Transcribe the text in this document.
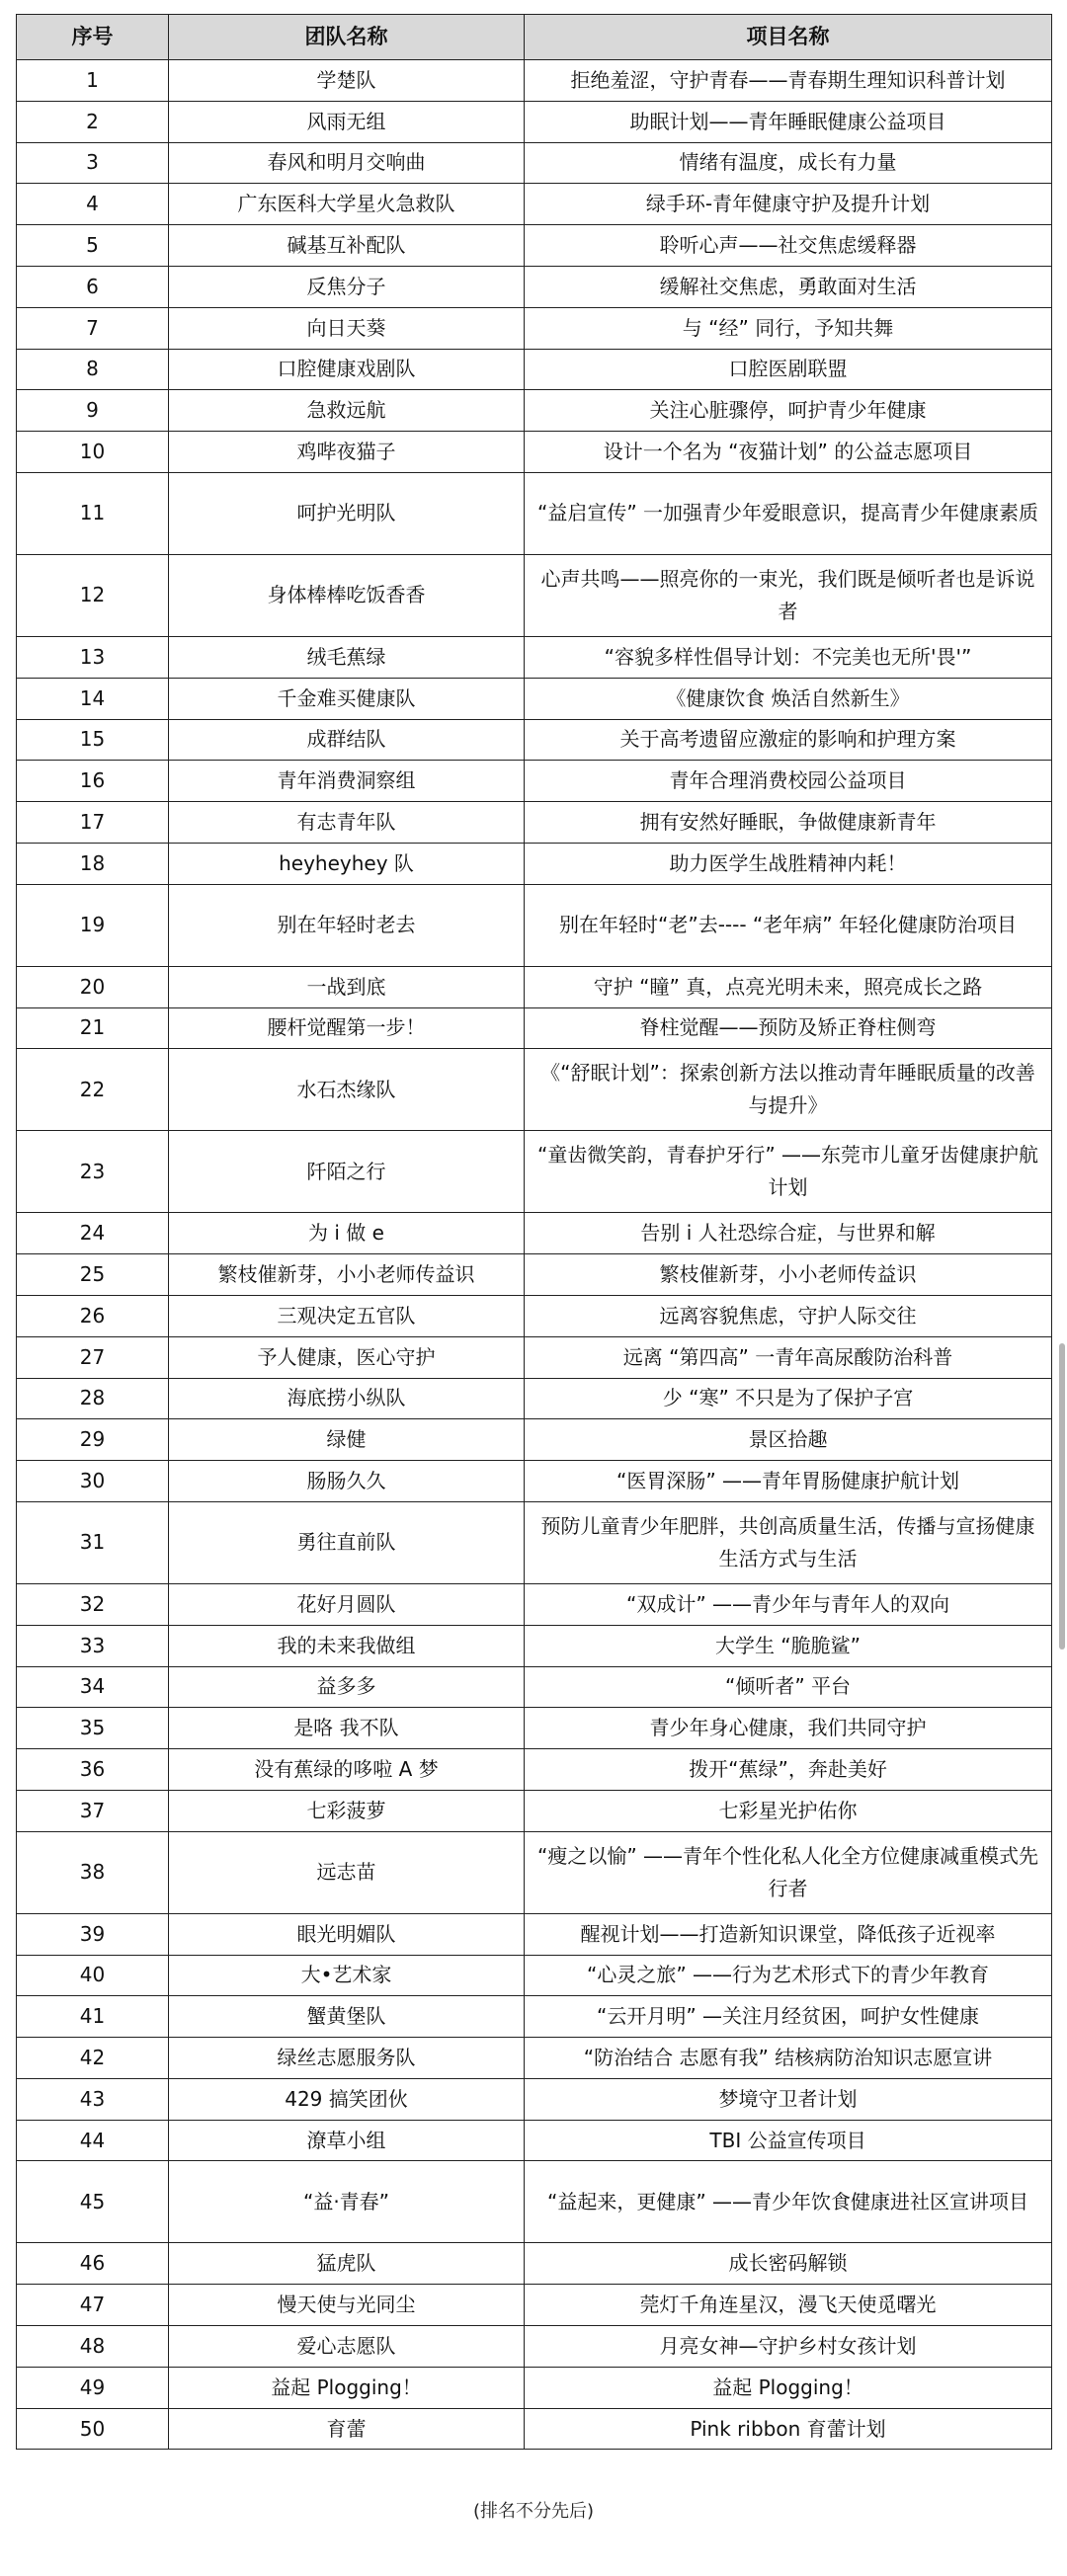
序号	团队名称	项目名称
1	学楚队	拒绝羞涩，守护青春——青春期生理知识科普计划
2	风雨无组	助眠计划——青年睡眠健康公益项目
3	春风和明月交响曲	情绪有温度，成长有力量
4	广东医科大学星火急救队	绿手环-青年健康守护及提升计划
5	碱基互补配队	聆听心声——社交焦虑缓释器
6	反焦分子	缓解社交焦虑，勇敢面对生活
7	向日天葵	与 “经” 同行，予知共舞
8	口腔健康戏剧队	口腔医剧联盟
9	急救远航	关注心脏骤停，呵护青少年健康
10	鸡哔夜猫子	设计一个名为 “夜猫计划” 的公益志愿项目
11	呵护光明队	“益启宣传” 一加强青少年爱眼意识，提高青少年健康素质
12	身体棒棒吃饭香香	心声共鸣——照亮你的一束光，我们既是倾听者也是诉说者
13	绒毛蕉绿	“容貌多样性倡导计划：不完美也无所'畏'”
14	千金难买健康队	《健康饮食 焕活自然新生》
15	成群结队	关于高考遗留应激症的影响和护理方案
16	青年消费洞察组	青年合理消费校园公益项目
17	有志青年队	拥有安然好睡眠，争做健康新青年
18	heyheyhey 队	助力医学生战胜精神内耗！
19	别在年轻时老去	别在年轻时“老”去---- “老年病” 年轻化健康防治项目
20	一战到底	守护 “瞳” 真，点亮光明未来，照亮成长之路
21	腰杆觉醒第一步！	脊柱觉醒——预防及矫正脊柱侧弯
22	水石杰缘队	《“舒眠计划”：探索创新方法以推动青年睡眠质量的改善与提升》
23	阡陌之行	“童齿微笑韵，青春护牙行” ——东莞市儿童牙齿健康护航计划
24	为 i 做 e	告别 i 人社恐综合症，与世界和解
25	繁枝催新芽，小小老师传益识	繁枝催新芽，小小老师传益识
26	三观决定五官队	远离容貌焦虑，守护人际交往
27	予人健康，医心守护	远离 “第四高” 一青年高尿酸防治科普
28	海底捞小纵队	少 “寒” 不只是为了保护子宫
29	绿健	景区拾趣
30	肠肠久久	“医胃深肠” ——青年胃肠健康护航计划
31	勇往直前队	预防儿童青少年肥胖，共创高质量生活，传播与宣扬健康生活方式与生活
32	花好月圆队	“双成计” ——青少年与青年人的双向
33	我的未来我做组	大学生 “脆脆鲨”
34	益多多	“倾听者” 平台
35	是咯 我不队	青少年身心健康，我们共同守护
36	没有蕉绿的哆啦 A 梦	拨开“蕉绿”，奔赴美好
37	七彩菠萝	七彩星光护佑你
38	远志苗	“瘦之以愉” ——青年个性化私人化全方位健康减重模式先行者
39	眼光明媚队	醒视计划——打造新知识课堂，降低孩子近视率
40	大•艺术家	“心灵之旅” ——行为艺术形式下的青少年教育
41	蟹黄堡队	“云开月明” —关注月经贫困，呵护女性健康
42	绿丝志愿服务队	“防治结合 志愿有我” 结核病防治知识志愿宣讲
43	429 搞笑团伙	梦境守卫者计划
44	潦草小组	TBI 公益宣传项目
45	“益·青春”	“益起来，更健康” ——青少年饮食健康进社区宣讲项目
46	猛虎队	成长密码解锁
47	慢天使与光同尘	莞灯千角连星汉，漫飞天使觅曙光
48	爱心志愿队	月亮女神—守护乡村女孩计划
49	益起 Plogging！	益起 Plogging！
50	育蕾	Pink ribbon 育蕾计划
(排名不分先后)
